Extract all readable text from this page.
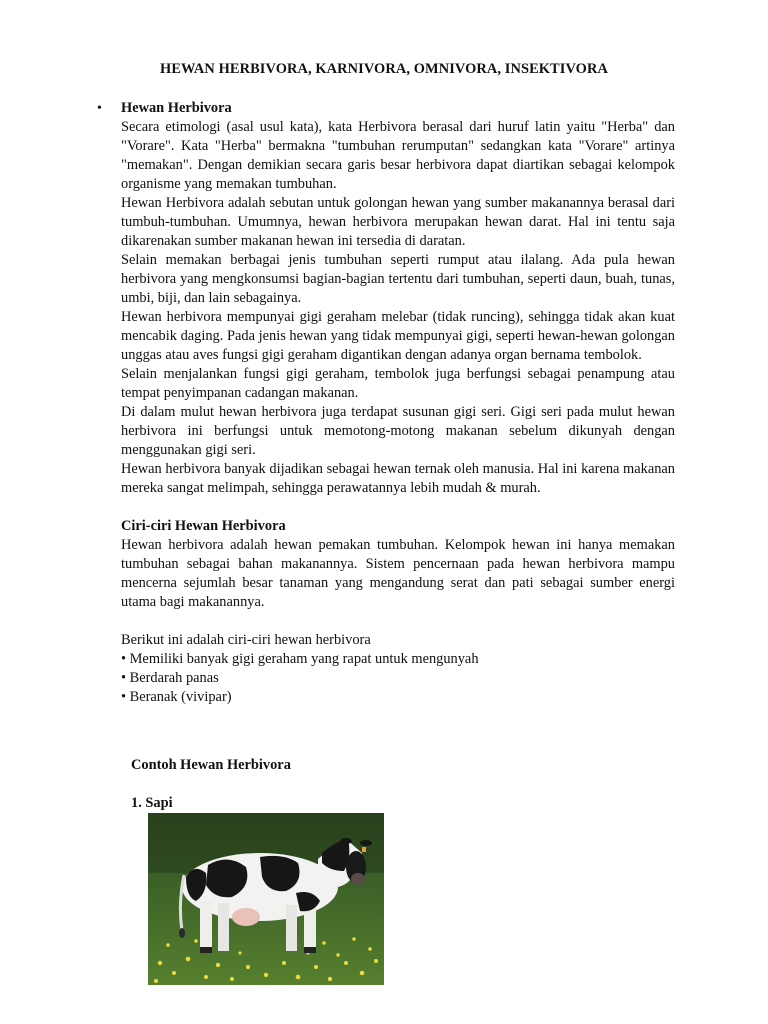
HEWAN HERBIVORA, KARNIVORA, OMNIVORA, INSEKTIVORA
• Hewan Herbivora

Secara etimologi (asal usul kata), kata Herbivora berasal dari huruf latin yaitu "Herba" dan "Vorare". Kata "Herba" bermakna "tumbuhan rerumputan" sedangkan kata "Vorare" artinya "memakan". Dengan demikian secara garis besar herbivora dapat diartikan sebagai kelompok organisme yang memakan tumbuhan.

Hewan Herbivora adalah sebutan untuk golongan hewan yang sumber makanannya berasal dari tumbuh-tumbuhan. Umumnya, hewan herbivora merupakan hewan darat. Hal ini tentu saja dikarenakan sumber makanan hewan ini tersedia di daratan.

Selain memakan berbagai jenis tumbuhan seperti rumput atau ilalang. Ada pula hewan herbivora yang mengkonsumsi bagian-bagian tertentu dari tumbuhan, seperti daun, buah, tunas, umbi, biji, dan lain sebagainya.

Hewan herbivora mempunyai gigi geraham melebar (tidak runcing), sehingga tidak akan kuat mencabik daging. Pada jenis hewan yang tidak mempunyai gigi, seperti hewan-hewan golongan unggas atau aves fungsi gigi geraham digantikan dengan adanya organ bernama tembolok.

Selain menjalankan fungsi gigi geraham, tembolok juga berfungsi sebagai penampung atau tempat penyimpanan cadangan makanan.

Di dalam mulut hewan herbivora juga terdapat susunan gigi seri. Gigi seri pada mulut hewan herbivora ini berfungsi untuk memotong-motong makanan sebelum dikunyah dengan menggunakan gigi seri.

Hewan herbivora banyak dijadikan sebagai hewan ternak oleh manusia. Hal ini karena makanan mereka sangat melimpah, sehingga perawatannya lebih mudah & murah.

Ciri-ciri Hewan Herbivora

Hewan herbivora adalah hewan pemakan tumbuhan. Kelompok hewan ini hanya memakan tumbuhan sebagai bahan makanannya. Sistem pencernaan pada hewan herbivora mampu mencerna sejumlah besar tanaman yang mengandung serat dan pati sebagai sumber energi utama bagi makanannya.

Berikut ini adalah ciri-ciri hewan herbivora

• Memiliki banyak gigi geraham yang rapat untuk mengunyah

• Berdarah panas

• Beranak (vivipar)

Contoh Hewan Herbivora
1. Sapi
